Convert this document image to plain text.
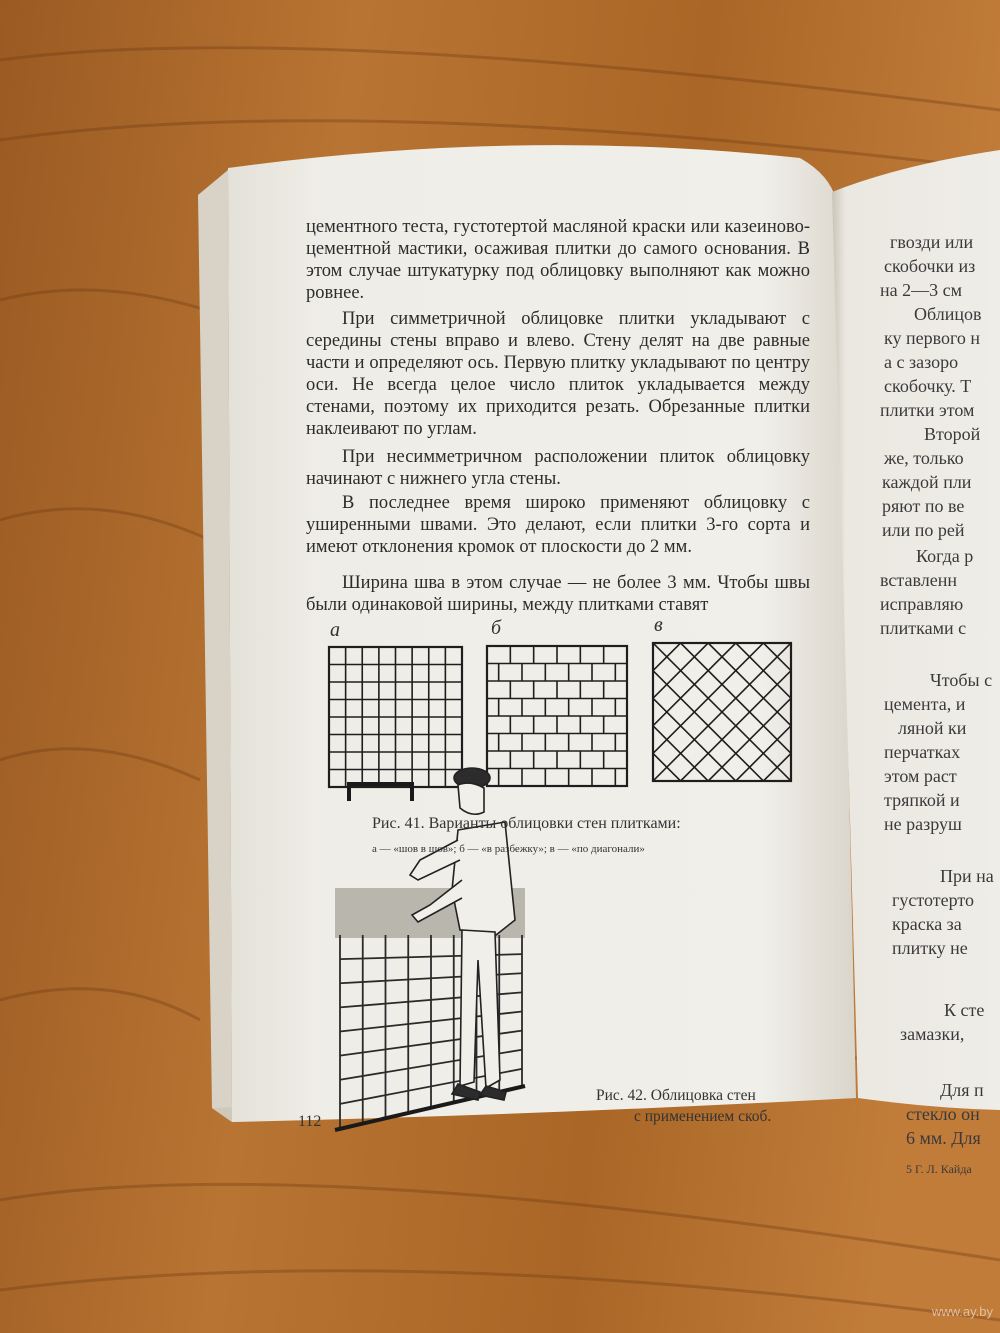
www.ay.by

цементного теста, густотертой масляной краски или казеиново-цементной мастики, осаживая плитки до самого основания. В этом случае штукатурку под облицовку выполняют как можно ровнее.

При симметричной облицовке плитки укладывают с середины стены вправо и влево. Стену делят на две равные части и определяют ось. Первую плитку укладывают по центру оси. Не всегда целое число плиток укладывается между стенами, поэтому их приходится резать. Обрезанные плитки наклеивают по углам.

При несимметричном расположении плиток облицовку начинают с нижнего угла стены.

В последнее время широко применяют облицовку с уширенными швами. Это делают, если плитки 3-го сорта и имеют отклонения кромок от плоскости до 2 мм.

Ширина шва в этом случае — не более 3 мм. Чтобы швы были одинаковой ширины, между плитками ставят

а	б	в

Рис. 41. Варианты облицовки стен плитками:

а — «шов в шов»; б — «в разбежку»; в — «по диагонали»

Рис. 42. Облицовка стен

с применением скоб.

112
гвозди или
скобочки из
на 2—3 см
Облицов
ку первого н
а с зазоро
скобочку. Т
плитки этом
Второй
же, только
каждой пли
ряют по ве
или по рей
Когда р
вставленн
исправляю
плитками с
Чтобы с
цемента, и
ляной ки
перчатках
этом раст
тряпкой и
не разруш
При на
густотерто
краска за
плитку не
К сте
замазки,
Для п
стекло он
6 мм. Для
5 Г. Л. Кайда
